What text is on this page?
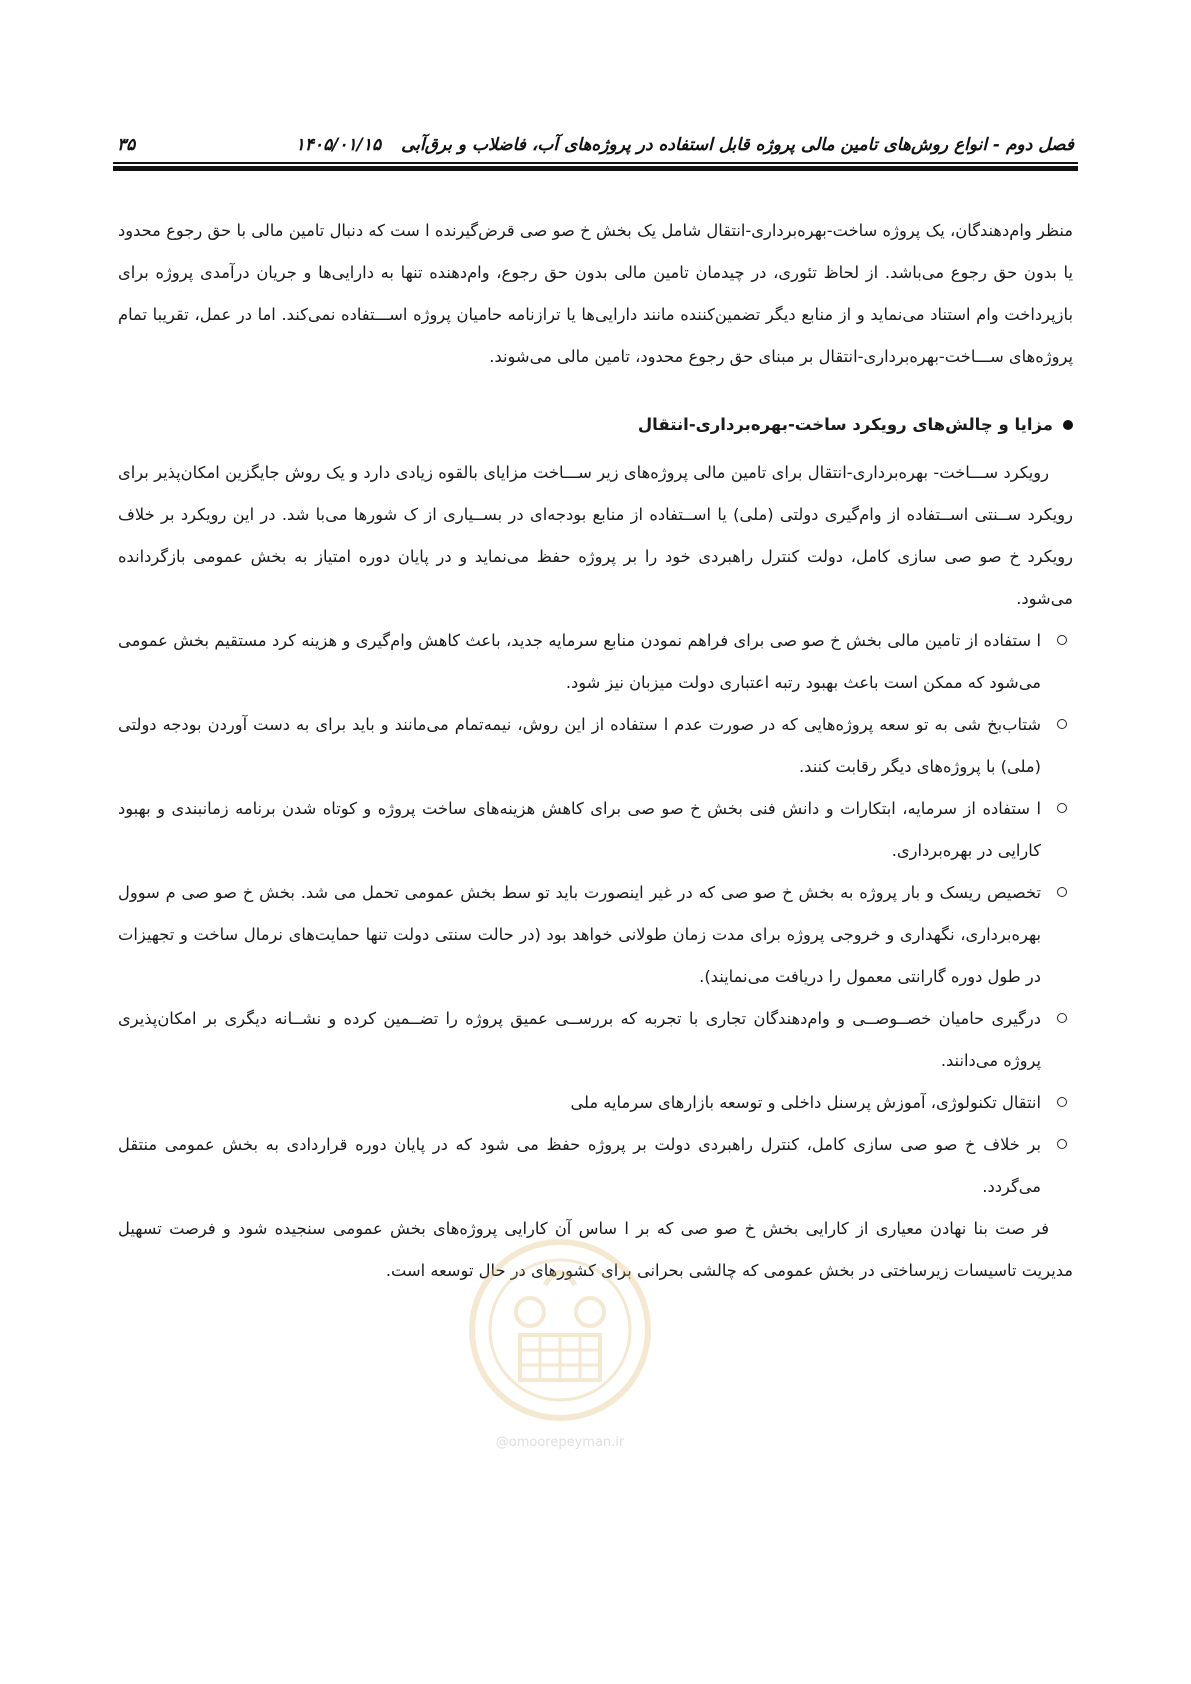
فصل دوم - انواع روش‌های تامین مالی پروژه قابل استفاده در پروژه‌های آب، فاضلاب و برق‌آبی ۱۴۰۵/۰۱/۱۵
۳۵

منظر وام‌دهندگان، یک پروژه ساخت-بهره‌برداری-انتقال شامل یک بخش خ صو صی قرض‌گیرنده ا ست که دنبال تامین مالی با حق رجوع محدود یا بدون حق رجوع می‌باشد. از لحاظ تئوری، در چیدمان تامین مالی بدون حق رجوع، وام‌دهنده تنها به دارایی‌ها و جریان درآمدی پروژه برای بازپرداخت وام استناد می‌نماید و از منابع دیگر تضمین‌کننده مانند دارایی‌ها یا ترازنامه حامیان پروژه اســـتفاده نمی‌کند. اما در عمل، تقریبا تمام پروژه‌های ســـاخت-بهره‌برداری-انتقال بر مبنای حق رجوع محدود، تامین مالی می‌شوند.

مزایا و چالش‌های رویکرد ساخت-بهره‌برداری-انتقال

رویکرد ســـاخت- بهره‌برداری-انتقال برای تامین مالی پروژه‌های زیر ســـاخت مزایای بالقوه زیادی دارد و یک روش جایگزین امکان‌پذیر برای رویکرد ســنتی اســتفاده از وام‌گیری دولتی (ملی) یا اســتفاده از منابع بودجه‌ای در بســیاری از ک شورها می‌با شد. در این رویکرد بر خلاف رویکرد خ صو صی سازی کامل، دولت کنترل راهبردی خود را بر پروژه حفظ می‌نماید و در پایان دوره امتیاز به بخش عمومی بازگردانده می‌شود.

ا ستفاده از تامین مالی بخش خ صو صی برای فراهم نمودن منابع سرمایه جدید، باعث کاهش وام‌گیری و هزینه کرد مستقیم بخش عمومی می‌شود که ممکن است باعث بهبود رتبه اعتباری دولت میزبان نیز شود.
شتاب‌بخ شی به تو سعه پروژه‌هایی که در صورت عدم ا ستفاده از این روش، نیمه‌تمام می‌مانند و باید برای به دست آوردن بودجه دولتی (ملی) با پروژه‌های دیگر رقابت کنند.
ا ستفاده از سرمایه، ابتکارات و دانش فنی بخش خ صو صی برای کاهش هزینه‌های ساخت پروژه و کوتاه شدن برنامه زمانبندی و بهبود کارایی در بهره‌برداری.
تخصیص ریسک و بار پروژه به بخش خ صو صی که در غیر اینصورت باید تو سط بخش عمومی تحمل می شد. بخش خ صو صی م سوول بهره‌برداری، نگهداری و خروجی پروژه برای مدت زمان طولانی خواهد بود (در حالت سنتی دولت تنها حمایت‌های نرمال ساخت و تجهیزات در طول دوره گارانتی معمول را دریافت می‌نمایند).
درگیری حامیان خصــوصــی و وام‌دهندگان تجاری با تجربه که بررســی عمیق پروژه را تضــمین کرده و نشــانه دیگری بر امکان‌پذیری پروژه می‌دانند.
انتقال تکنولوژی، آموزش پرسنل داخلی و توسعه بازارهای سرمایه ملی
بر خلاف خ صو صی سازی کامل، کنترل راهبردی دولت بر پروژه حفظ می شود که در پایان دوره قراردادی به بخش عمومی منتقل می‌گردد.

فر صت بنا نهادن معیاری از کارایی بخش خ صو صی که بر ا ساس آن کارایی پروژه‌های بخش عمومی سنجیده شود و فرصت تسهیل مدیریت تاسیسات زیرساختی در بخش عمومی که چالشی بحرانی برای کشورهای در حال توسعه است.

@omoorepeyman.ir
